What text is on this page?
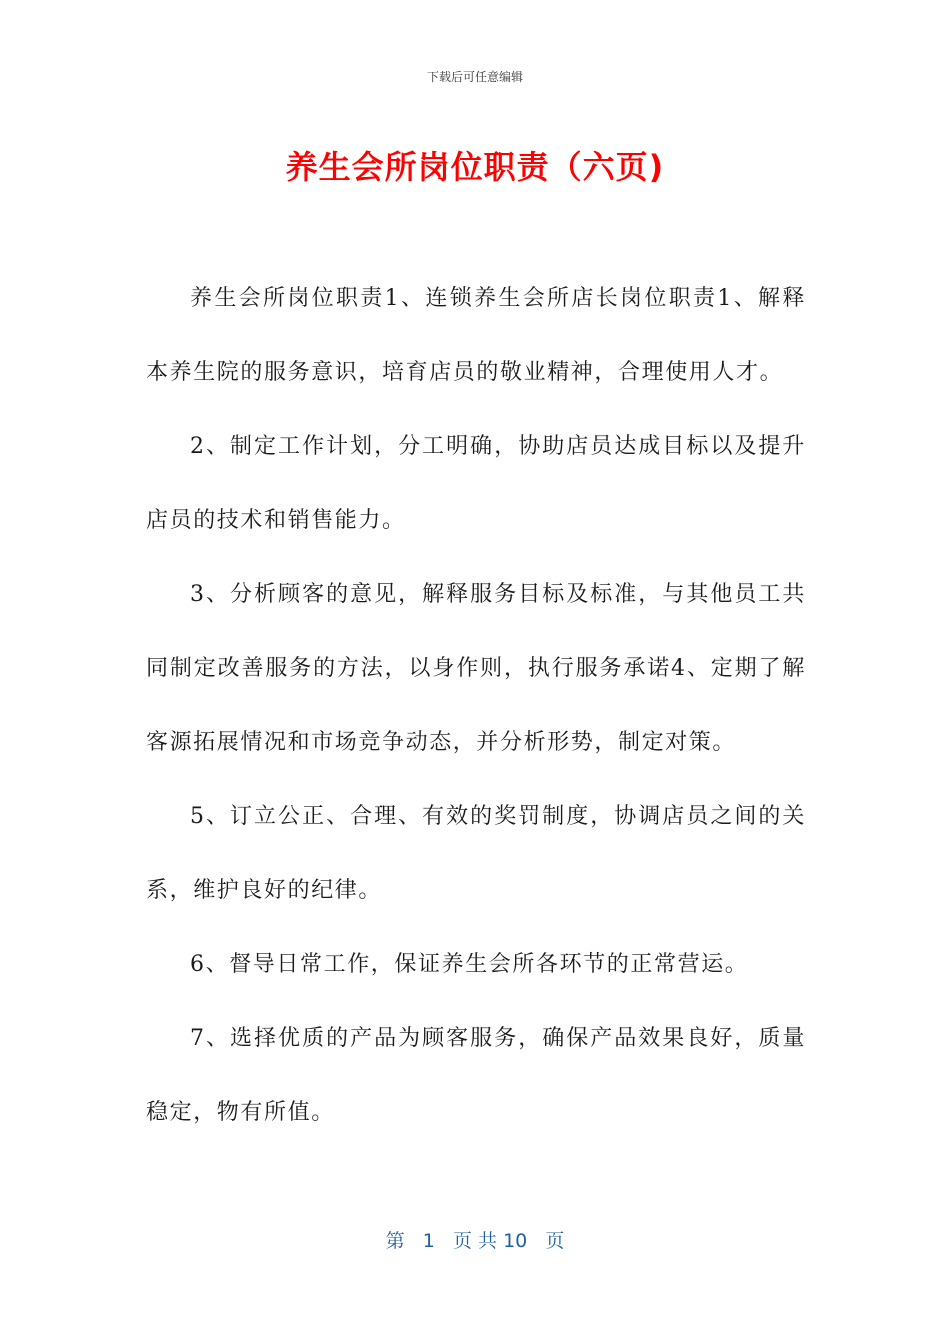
下载后可任意编辑
养生会所岗位职责（六页)

养生会所岗位职责1、连锁养生会所店长岗位职责1、解释本养生院的服务意识，培育店员的敬业精神，合理使用人才。

2、制定工作计划，分工明确，协助店员达成目标以及提升店员的技术和销售能力。

3、分析顾客的意见，解释服务目标及标准，与其他员工共同制定改善服务的方法，以身作则，执行服务承诺4、定期了解客源拓展情况和市场竞争动态，并分析形势，制定对策。

5、订立公正、合理、有效的奖罚制度，协调店员之间的关系，维护良好的纪律。

6、督导日常工作，保证养生会所各环节的正常营运。

7、选择优质的产品为顾客服务，确保产品效果良好，质量稳定，物有所值。

第 1 页 共 10 页
